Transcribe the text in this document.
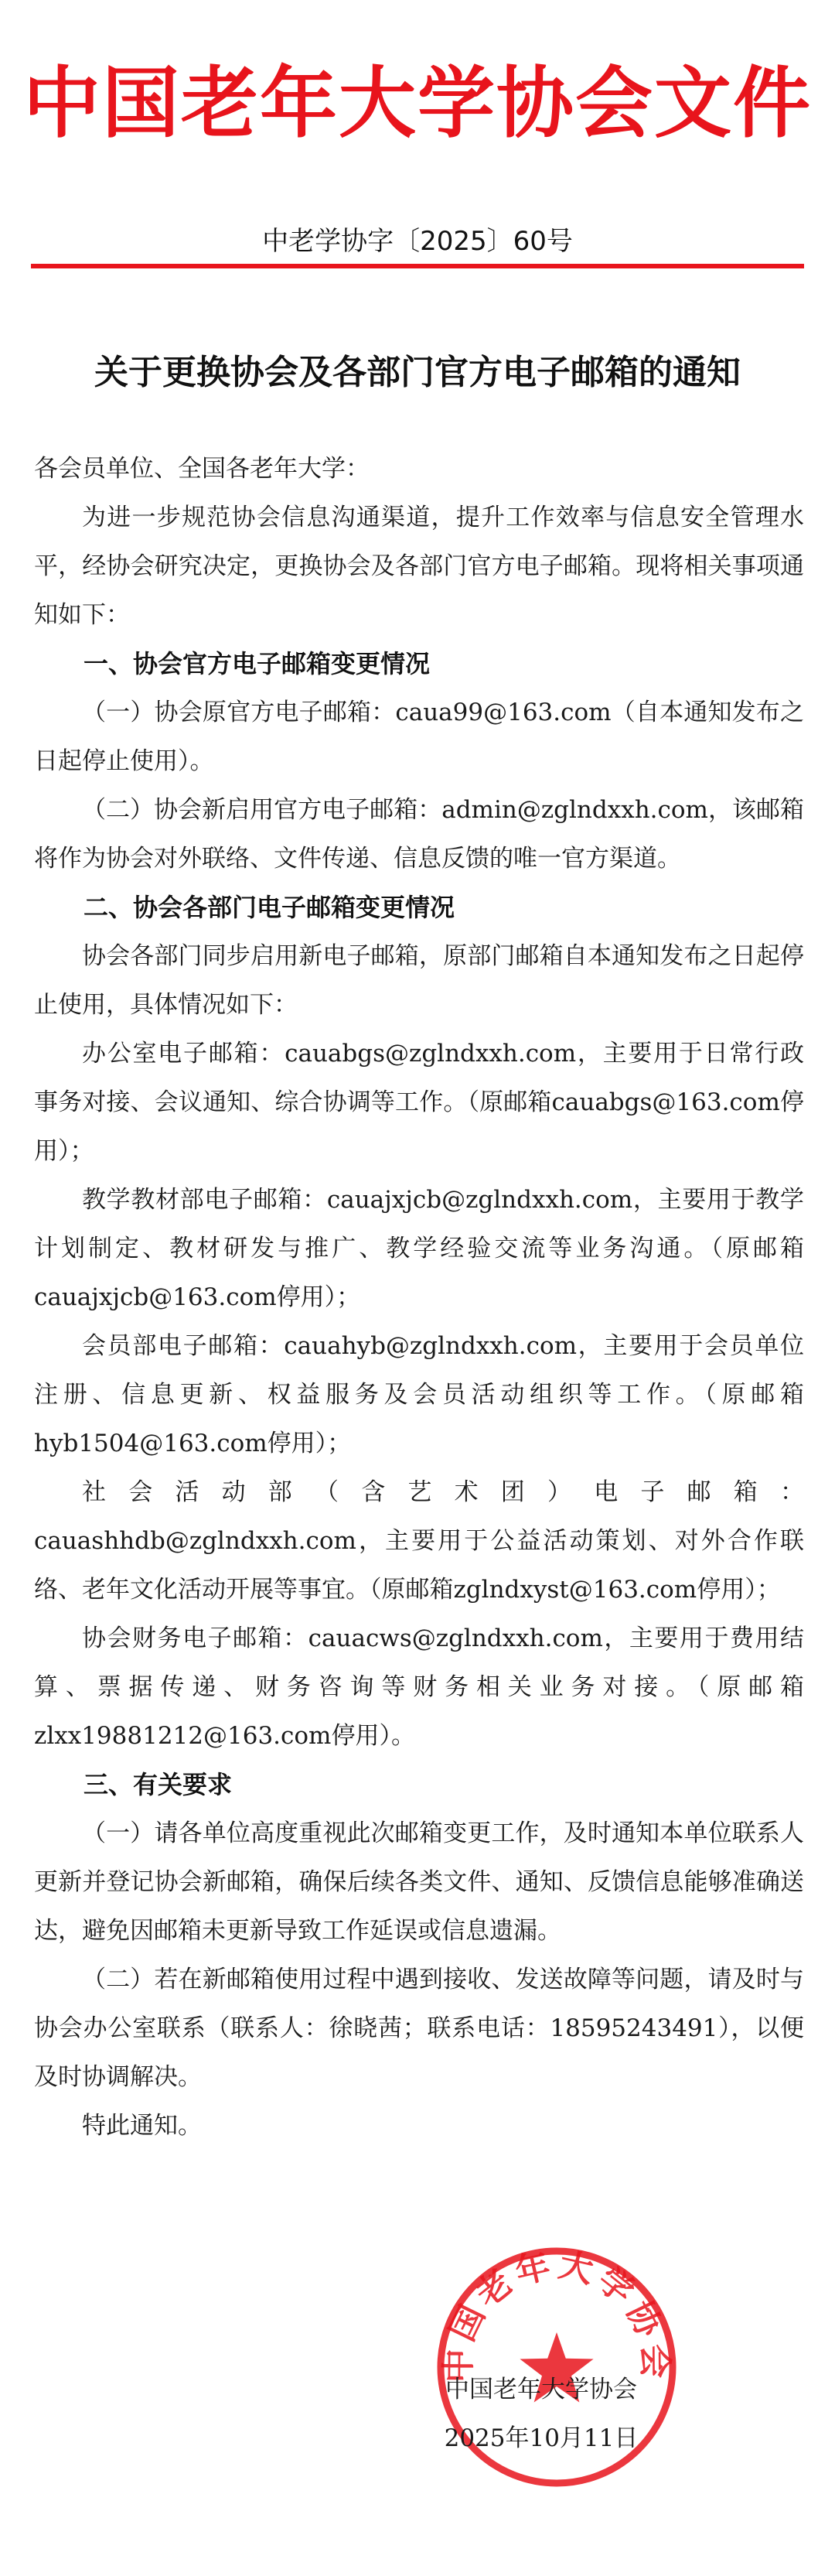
中国老年大学协会文件
中老学协字〔2025〕60号
关于更换协会及各部门官方电子邮箱的通知

各会员单位、全国各老年大学：

为进一步规范协会信息沟通渠道，提升工作效率与信息安全管理水平，经协会研究决定，更换协会及各部门官方电子邮箱。现将相关事项通知如下：

一、协会官方电子邮箱变更情况

（一）协会原官方电子邮箱：caua99@163.com（自本通知发布之日起停止使用）。

（二）协会新启用官方电子邮箱：admin@zglndxxh.com，该邮箱将作为协会对外联络、文件传递、信息反馈的唯一官方渠道。

二、协会各部门电子邮箱变更情况

协会各部门同步启用新电子邮箱，原部门邮箱自本通知发布之日起停止使用，具体情况如下：

办公室电子邮箱：cauabgs@zglndxxh.com，主要用于日常行政事务对接、会议通知、综合协调等工作。（原邮箱cauabgs@163.com停用）；

教学教材部电子邮箱：cauajxjcb@zglndxxh.com，主要用于教学计划制定、教材研发与推广、教学经验交流等业务沟通。（原邮箱cauajxjcb@163.com停用）；

会员部电子邮箱：cauahyb@zglndxxh.com，主要用于会员单位注册、信息更新、权益服务及会员活动组织等工作。（原邮箱hyb1504@163.com停用）；

社会活动部（含艺术团）电子邮箱：cauashhdb@zglndxxh.com，主要用于公益活动策划、对外合作联络、老年文化活动开展等事宜。（原邮箱zglndxyst@163.com停用）；

协会财务电子邮箱：cauacws@zglndxxh.com，主要用于费用结算、票据传递、财务咨询等财务相关业务对接。（原邮箱zlxx19881212@163.com停用）。

三、有关要求

（一）请各单位高度重视此次邮箱变更工作，及时通知本单位联系人更新并登记协会新邮箱，确保后续各类文件、通知、反馈信息能够准确送达，避免因邮箱未更新导致工作延误或信息遗漏。

（二）若在新邮箱使用过程中遇到接收、发送故障等问题，请及时与协会办公室联系（联系人：徐晓茜；联系电话：18595243491），以便及时协调解决。

特此通知。

中国老年大学协会
中国老年大学协会
2025年10月11日
